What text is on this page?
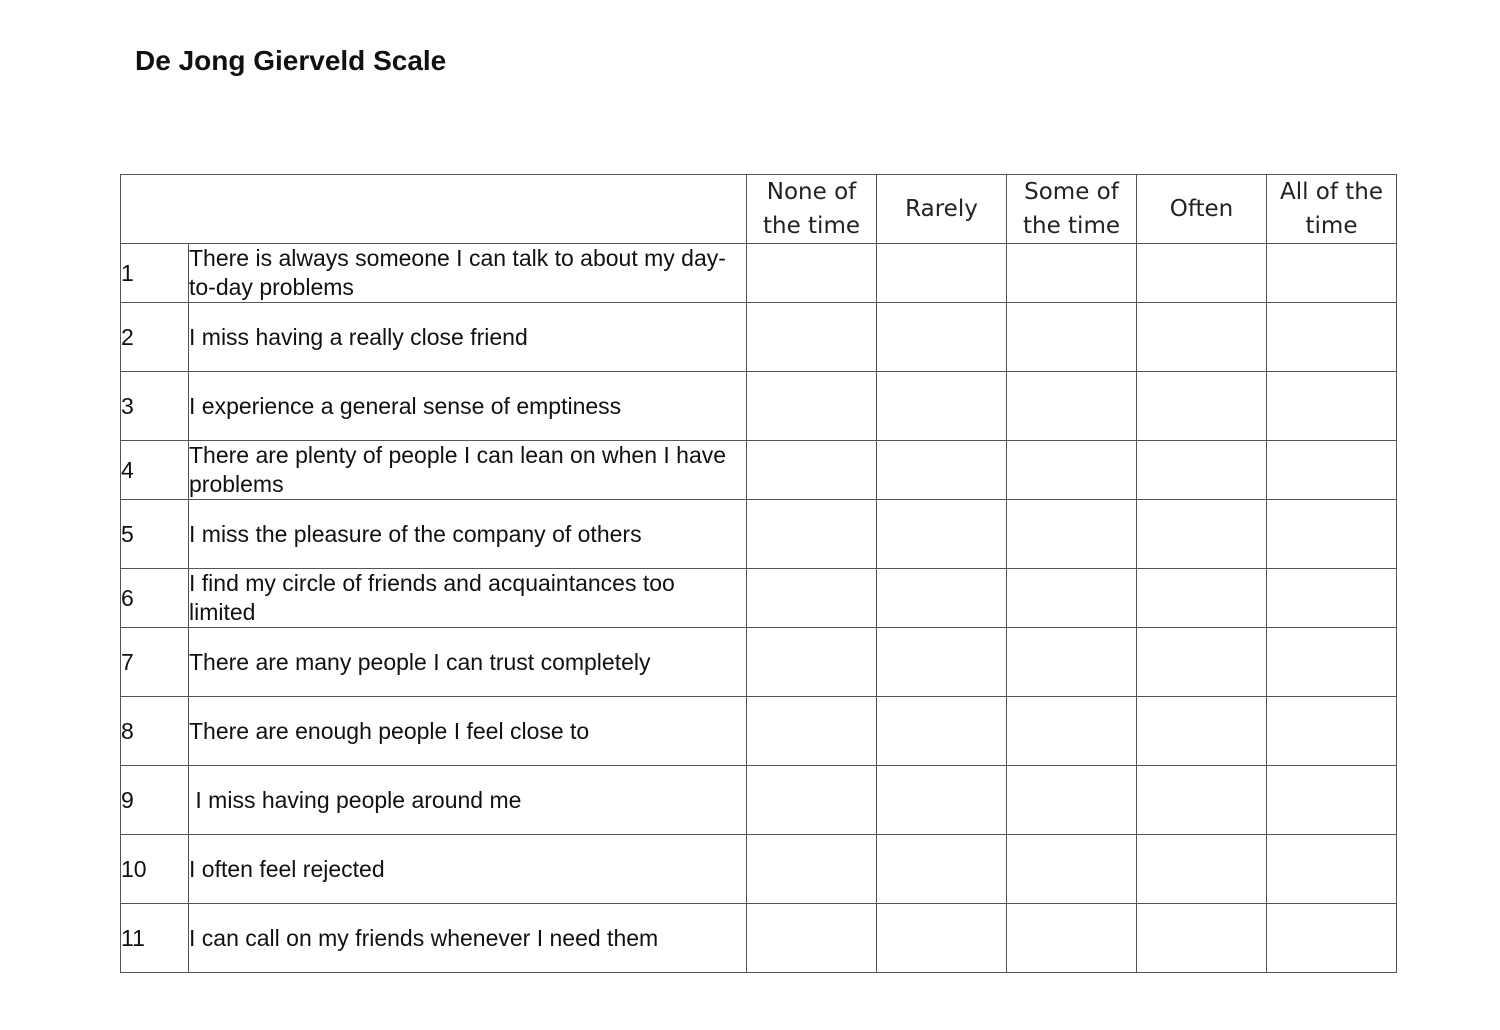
De Jong Gierveld Scale
		None of the time	Rarely	Some of the time	Often	All of the time
1	There is always someone I can talk to about my day-to-day problems					
2	I miss having a really close friend					
3	I experience a general sense of emptiness					
4	There are plenty of people I can lean on when I have problems					
5	I miss the pleasure of the company of others					
6	I find my circle of friends and acquaintances too limited					
7	There are many people I can trust completely					
8	There are enough people I feel close to					
9	I miss having people around me					
10	I often feel rejected					
11	I can call on my friends whenever I need them					
